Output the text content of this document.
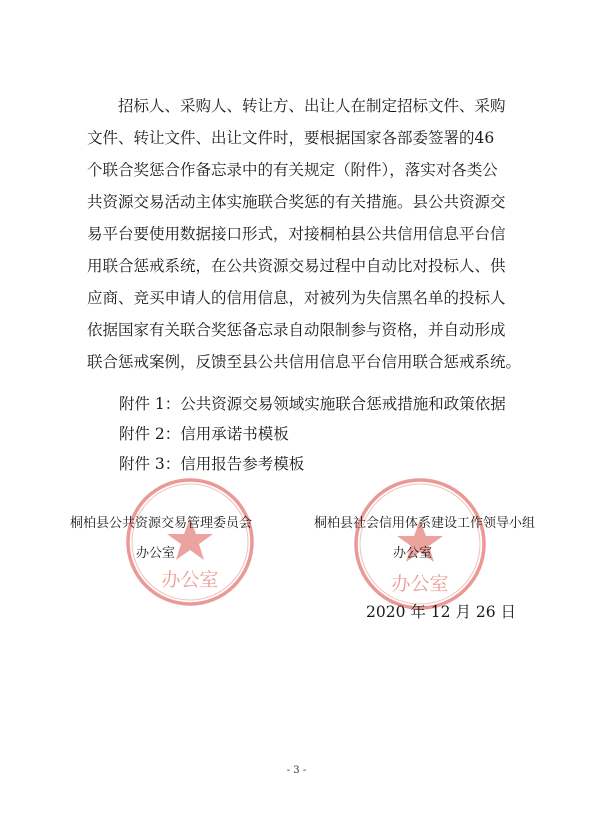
招标人、采购人、转让方、出让人在制定招标文件、采购
文件、转让文件、出让文件时，要根据国家各部委签署的46
个联合奖惩合作备忘录中的有关规定（附件），落实对各类公
共资源交易活动主体实施联合奖惩的有关措施。县公共资源交
易平台要使用数据接口形式，对接桐柏县公共信用信息平台信
用联合惩戒系统，在公共资源交易过程中自动比对投标人、供
应商、竞买申请人的信用信息，对被列为失信黑名单的投标人
依据国家有关联合奖惩备忘录自动限制参与资格，并自动形成
联合惩戒案例，反馈至县公共信用信息平台信用联合惩戒系统。
附件 1：公共资源交易领域实施联合惩戒措施和政策依据
附件 2：信用承诺书模板
附件 3：信用报告参考模板
办公室	办公室
桐柏县公共资源交易管理委员会
办公室
桐柏县社会信用体系建设工作领导小组
办公室
2020 年 12 月 26 日
- 3 -
